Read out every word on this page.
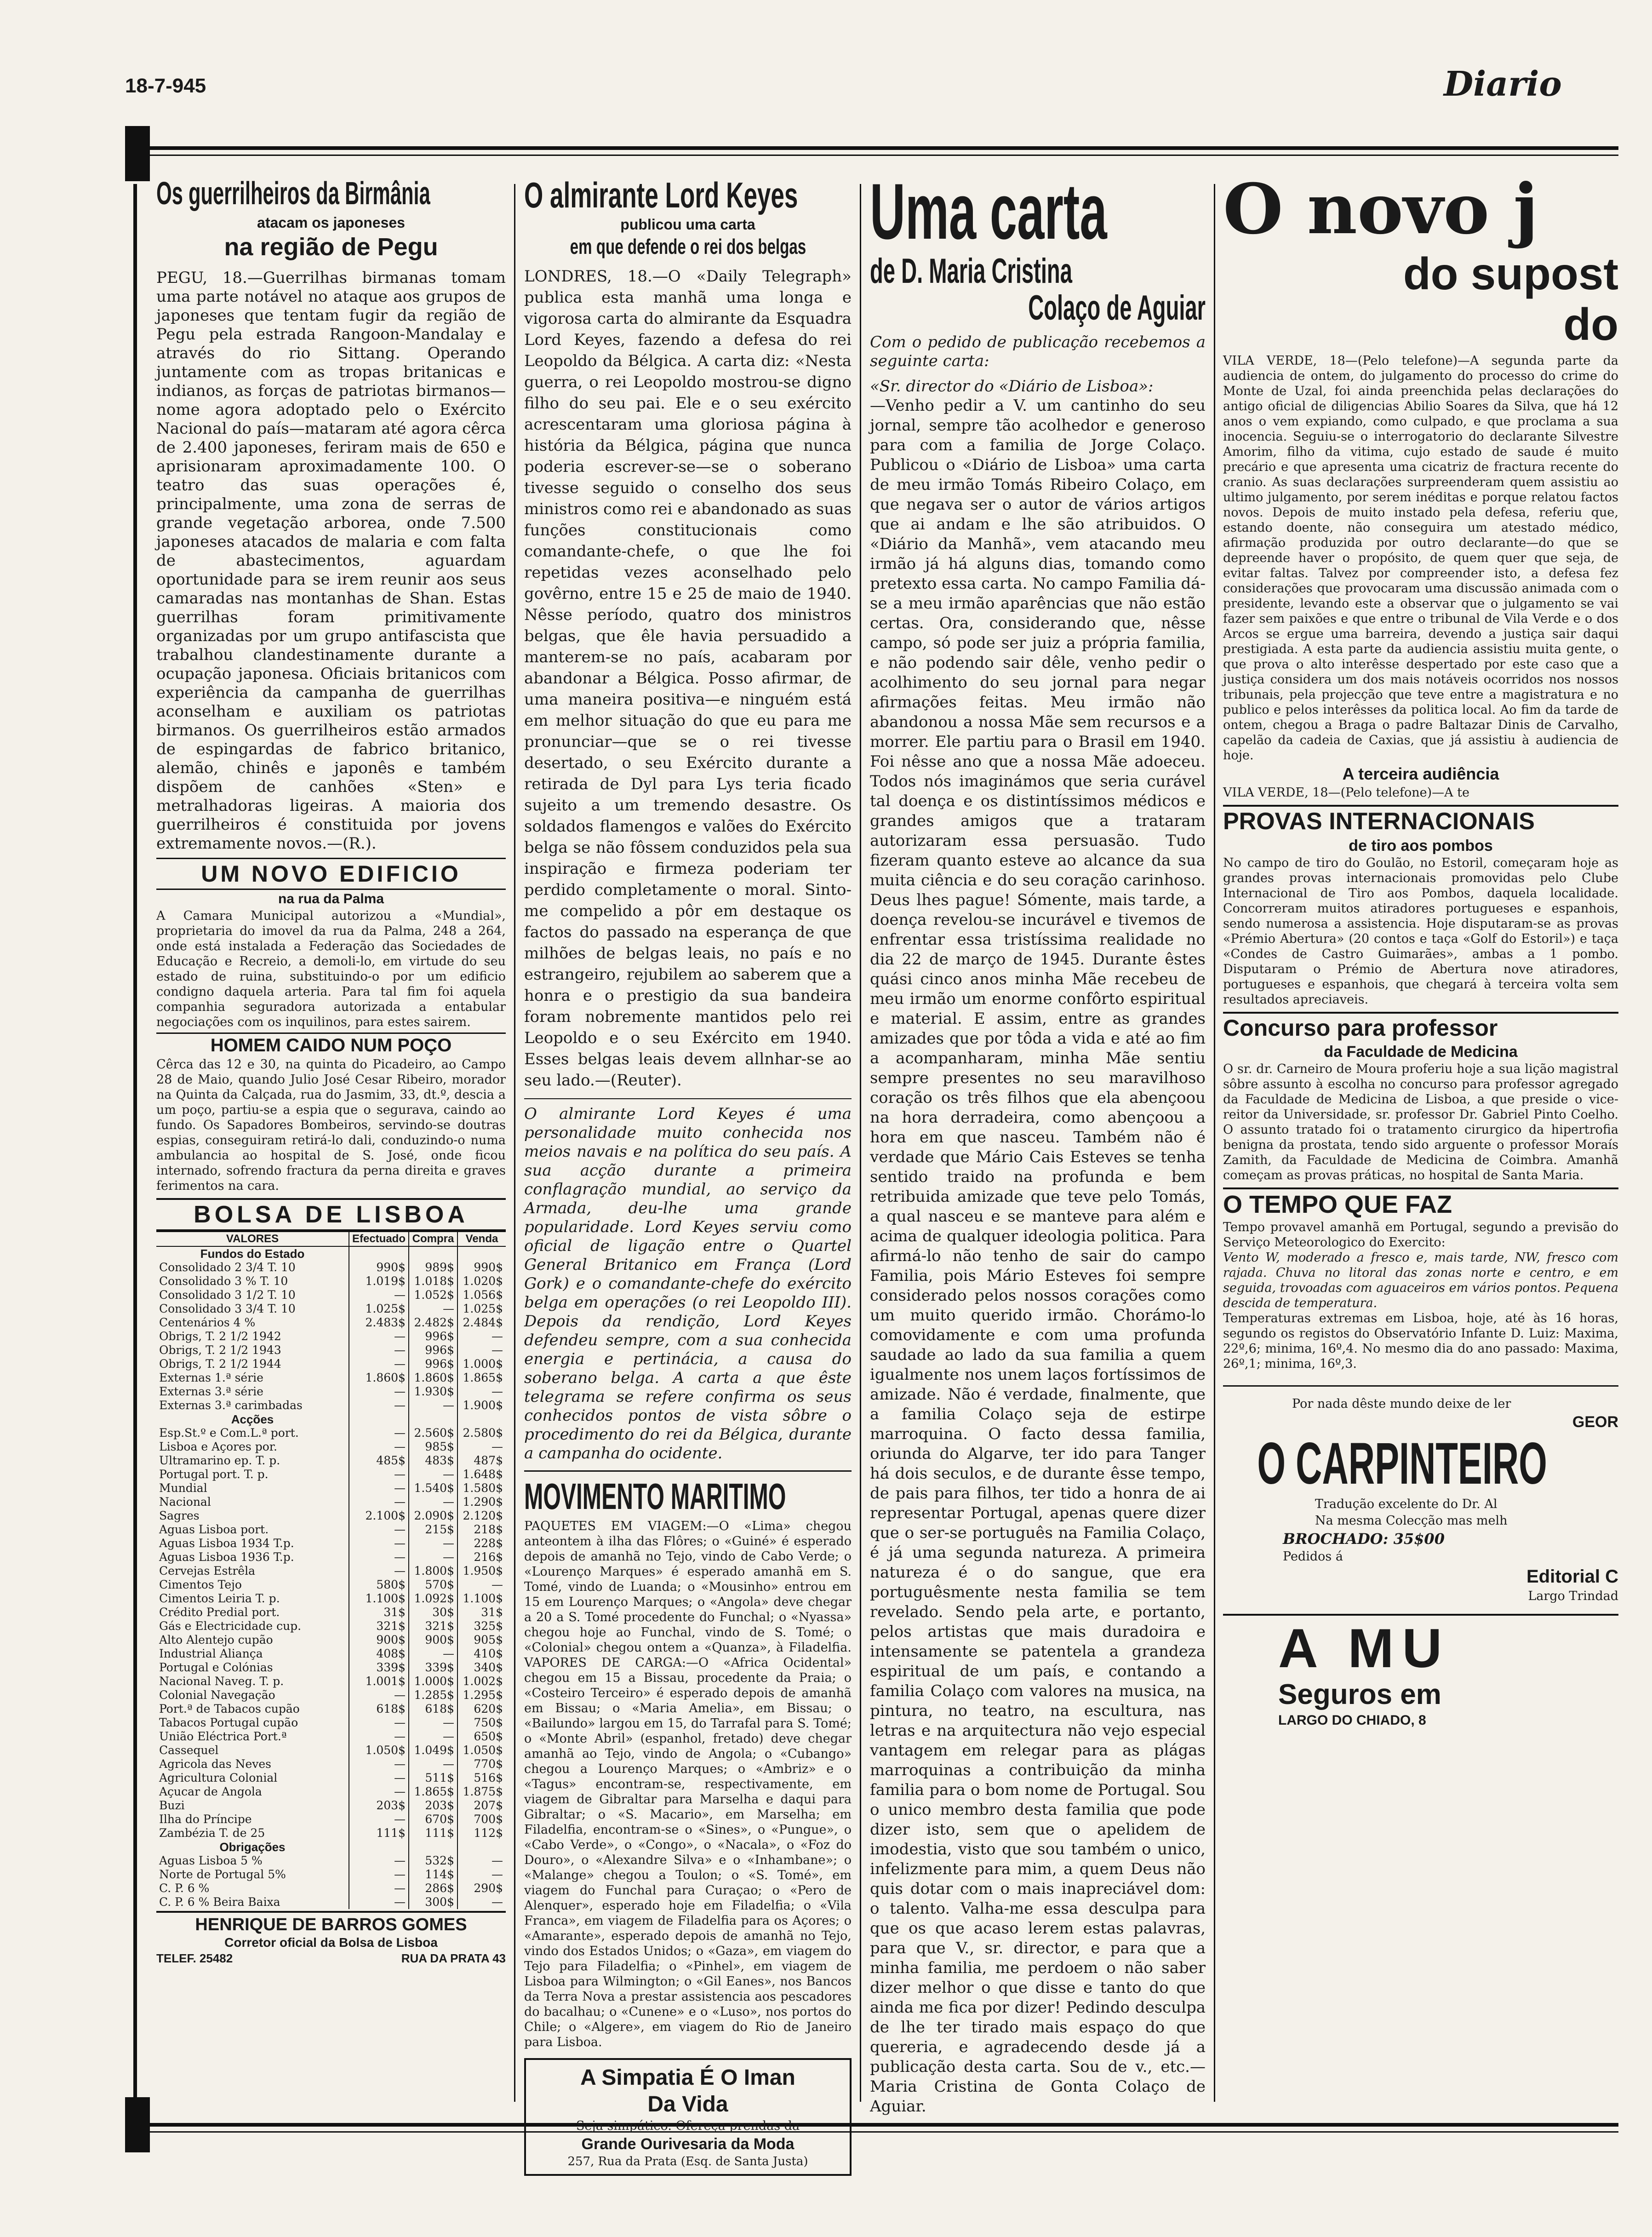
18-7-945	Diario
Os guerrilheiros da Birmânia
atacam os japoneses
na região de Pegu

PEGU, 18.—Guerrilhas birmanas tomam uma parte notável no ataque aos grupos de japoneses que tentam fugir da região de Pegu pela estrada Rangoon-Mandalay e através do rio Sittang. Operando juntamente com as tropas britanicas e indianos, as forças de patriotas birmanos—nome agora adoptado pelo o Exército Nacional do país—mataram até agora cêrca de 2.400 japoneses, feriram mais de 650 e aprisionaram aproximadamente 100. O teatro das suas operações é, principalmente, uma zona de serras de grande vegetação arborea, onde 7.500 japoneses atacados de malaria e com falta de abastecimentos, aguardam oportunidade para se irem reunir aos seus camaradas nas montanhas de Shan. Estas guerrilhas foram primitivamente organizadas por um grupo antifascista que trabalhou clandestinamente durante a ocupação japonesa. Oficiais britanicos com experiência da campanha de guerrilhas aconselham e auxiliam os patriotas birmanos. Os guerrilheiros estão armados de espingardas de fabrico britanico, alemão, chinês e japonês e também dispõem de canhões «Sten» e metralhadoras ligeiras. A maioria dos guerrilheiros é constituida por jovens extremamente novos.—(R.).

UM NOVO EDIFICIO
na rua da Palma

A Camara Municipal autorizou a «Mundial», proprietaria do imovel da rua da Palma, 248 a 264, onde está instalada a Federação das Sociedades de Educação e Recreio, a demoli-lo, em virtude do seu estado de ruina, substituindo-o por um edificio condigno daquela arteria. Para tal fim foi aquela companhia seguradora autorizada a entabular negociações com os inquilinos, para estes sairem.

HOMEM CAIDO NUM POÇO

Cêrca das 12 e 30, na quinta do Picadeiro, ao Campo 28 de Maio, quando Julio José Cesar Ribeiro, morador na Quinta da Calçada, rua do Jasmim, 33, dt.º, descia a um poço, partiu-se a espia que o segurava, caindo ao fundo. Os Sapadores Bombeiros, servindo-se doutras espias, conseguiram retirá-lo dali, conduzindo-o numa ambulancia ao hospital de S. José, onde ficou internado, sofrendo fractura da perna direita e graves ferimentos na cara.

BOLSA DE LISBOA
VALORES	Efectuado	Compra	Venda
Fundos do Estado			
Consolidado 2 3/4 T. 10	990$	989$	990$
Consolidado 3 % T. 10	1.019$	1.018$	1.020$
Consolidado 3 1/2 T. 10	—	1.052$	1.056$
Consolidado 3 3/4 T. 10	1.025$	—	1.025$
Centenários 4 %	2.483$	2.482$	2.484$
Obrigs, T. 2 1/2 1942	—	996$	—
Obrigs, T. 2 1/2 1943	—	996$	—
Obrigs, T. 2 1/2 1944	—	996$	1.000$
Externas 1.ª série	1.860$	1.860$	1.865$
Externas 3.ª série	—	1.930$	—
Externas 3.ª carimbadas	—	—	1.900$
Acções			
Esp.St.º e Com.L.ª port.	—	2.560$	2.580$
Lisboa e Açores por.	—	985$	—
Ultramarino ep. T. p.	485$	483$	487$
Portugal port. T. p.	—	—	1.648$
Mundial	—	1.540$	1.580$
Nacional	—	—	1.290$
Sagres	2.100$	2.090$	2.120$
Aguas Lisboa port.	—	215$	218$
Aguas Lisboa 1934 T.p.	—	—	228$
Aguas Lisboa 1936 T.p.	—	—	216$
Cervejas Estrêla	—	1.800$	1.950$
Cimentos Tejo	580$	570$	—
Cimentos Leiria T. p.	1.100$	1.092$	1.100$
Crédito Predial port.	31$	30$	31$
Gás e Electricidade cup.	321$	321$	325$
Alto Alentejo cupão	900$	900$	905$
Industrial Aliança	408$	—	410$
Portugal e Colónias	339$	339$	340$
Nacional Naveg. T. p.	1.001$	1.000$	1.002$
Colonial Navegação	—	1.285$	1.295$
Port.ª de Tabacos cupão	618$	618$	620$
Tabacos Portugal cupão	—	—	750$
União Eléctrica Port.ª	—	—	650$
Cassequel	1.050$	1.049$	1.050$
Agricola das Neves	—	—	770$
Agricultura Colonial	—	511$	516$
Açucar de Angola	—	1.865$	1.875$
Buzi	203$	203$	207$
Ilha do Príncipe	—	670$	700$
Zambézia T. de 25	111$	111$	112$
Obrigações			
Aguas Lisboa 5 %	—	532$	—
Norte de Portugal 5%	—	114$	—
C. P. 6 %	—	286$	290$
C. P. 6 % Beira Baixa	—	300$	—
HENRIQUE DE BARROS GOMES
Corretor oficial da Bolsa de Lisboa
TELEF. 25482	RUA DA PRATA 43
O almirante Lord Keyes
publicou uma carta
em que defende o rei dos belgas

LONDRES, 18.—O «Daily Telegraph» publica esta manhã uma longa e vigorosa carta do almirante da Esquadra Lord Keyes, fazendo a defesa do rei Leopoldo da Bélgica. A carta diz: «Nesta guerra, o rei Leopoldo mostrou-se digno filho do seu pai. Ele e o seu exército acrescentaram uma gloriosa página à história da Bélgica, página que nunca poderia escrever-se—se o soberano tivesse seguido o conselho dos seus ministros como rei e abandonado as suas funções constitucionais como comandante-chefe, o que lhe foi repetidas vezes aconselhado pelo govêrno, entre 15 e 25 de maio de 1940. Nêsse período, quatro dos ministros belgas, que êle havia persuadido a manterem-se no país, acabaram por abandonar a Bélgica. Posso afirmar, de uma maneira positiva—e ninguém está em melhor situação do que eu para me pronunciar—que se o rei tivesse desertado, o seu Exército durante a retirada de Dyl para Lys teria ficado sujeito a um tremendo desastre. Os soldados flamengos e valões do Exército belga se não fôssem conduzidos pela sua inspiração e firmeza poderiam ter perdido completamente o moral. Sinto-me compelido a pôr em destaque os factos do passado na esperança de que milhões de belgas leais, no país e no estrangeiro, rejubilem ao saberem que a honra e o prestigio da sua bandeira foram nobremente mantidos pelo rei Leopoldo e o seu Exército em 1940. Esses belgas leais devem allnhar-se ao seu lado.—(Reuter).

O almirante Lord Keyes é uma personalidade muito conhecida nos meios navais e na política do seu país. A sua acção durante a primeira conflagração mundial, ao serviço da Armada, deu-lhe uma grande popularidade. Lord Keyes serviu como oficial de ligação entre o Quartel General Britanico em França (Lord Gork) e o comandante-chefe do exército belga em operações (o rei Leopoldo III). Depois da rendição, Lord Keyes defendeu sempre, com a sua conhecida energia e pertinácia, a causa do soberano belga. A carta a que êste telegrama se refere confirma os seus conhecidos pontos de vista sôbre o procedimento do rei da Bélgica, durante a campanha do ocidente.

MOVIMENTO MARITIMO

PAQUETES EM VIAGEM:—O «Lima» chegou anteontem à ilha das Flôres; o «Guiné» é esperado depois de amanhã no Tejo, vindo de Cabo Verde; o «Lourenço Marques» é esperado amanhã em S. Tomé, vindo de Luanda; o «Mousinho» entrou em 15 em Lourenço Marques; o «Angola» deve chegar a 20 a S. Tomé procedente do Funchal; o «Nyassa» chegou hoje ao Funchal, vindo de S. Tomé; o «Colonial» chegou ontem a «Quanza», à Filadelfia. VAPORES DE CARGA:—O «Africa Ocidental» chegou em 15 a Bissau, procedente da Praia; o «Costeiro Terceiro» é esperado depois de amanhã em Bissau; o «Maria Amelia», em Bissau; o «Bailundo» largou em 15, do Tarrafal para S. Tomé; o «Monte Abril» (espanhol, fretado) deve chegar amanhã ao Tejo, vindo de Angola; o «Cubango» chegou a Lourenço Marques; o «Ambriz» e o «Tagus» encontram-se, respectivamente, em viagem de Gibraltar para Marselha e daqui para Gibraltar; o «S. Macario», em Marselha; em Filadelfia, encontram-se o «Sines», o «Pungue», o «Cabo Verde», o «Congo», o «Nacala», o «Foz do Douro», o «Alexandre Silva» e o «Inhambane»; o «Malange» chegou a Toulon; o «S. Tomé», em viagem do Funchal para Curaçao; o «Pero de Alenquer», esperado hoje em Filadelfia; o «Vila Franca», em viagem de Filadelfia para os Açores; o «Amarante», esperado depois de amanhã no Tejo, vindo dos Estados Unidos; o «Gaza», em viagem do Tejo para Filadelfia; o «Pinhel», em viagem de Lisboa para Wilmington; o «Gil Eanes», nos Bancos da Terra Nova a prestar assistencia aos pescadores do bacalhau; o «Cunene» e o «Luso», nos portos do Chile; o «Algere», em viagem do Rio de Janeiro para Lisboa.

A Simpatia É O Iman
Da Vida
Seja simpático. Ofereça prendas da
Grande Ourivesaria da Moda
257, Rua da Prata (Esq. de Santa Justa)
Uma carta
de D. Maria Cristina
Colaço de Aguiar

Com o pedido de publicação recebemos a seguinte carta:

«Sr. director do «Diário de Lisboa»:

—Venho pedir a V. um cantinho do seu jornal, sempre tão acolhedor e generoso para com a familia de Jorge Colaço. Publicou o «Diário de Lisboa» uma carta de meu irmão Tomás Ribeiro Colaço, em que negava ser o autor de vários artigos que ai andam e lhe são atribuidos. O «Diário da Manhã», vem atacando meu irmão já há alguns dias, tomando como pretexto essa carta. No campo Familia dá-se a meu irmão aparências que não estão certas. Ora, considerando que, nêsse campo, só pode ser juiz a própria familia, e não podendo sair dêle, venho pedir o acolhimento do seu jornal para negar afirmações feitas. Meu irmão não abandonou a nossa Mãe sem recursos e a morrer. Ele partiu para o Brasil em 1940. Foi nêsse ano que a nossa Mãe adoeceu. Todos nós imaginámos que seria curável tal doença e os distintíssimos médicos e grandes amigos que a trataram autorizaram essa persuasão. Tudo fizeram quanto esteve ao alcance da sua muita ciência e do seu coração carinhoso. Deus lhes pague! Sómente, mais tarde, a doença revelou-se incurável e tivemos de enfrentar essa tristíssima realidade no dia 22 de março de 1945. Durante êstes quási cinco anos minha Mãe recebeu de meu irmão um enorme confôrto espiritual e material. E assim, entre as grandes amizades que por tôda a vida e até ao fim a acompanharam, minha Mãe sentiu sempre presentes no seu maravilhoso coração os três filhos que ela abençoou na hora derradeira, como abençoou a hora em que nasceu. Também não é verdade que Mário Cais Esteves se tenha sentido traido na profunda e bem retribuida amizade que teve pelo Tomás, a qual nasceu e se manteve para além e acima de qualquer ideologia politica. Para afirmá-lo não tenho de sair do campo Familia, pois Mário Esteves foi sempre considerado pelos nossos corações como um muito querido irmão. Chorámo-lo comovidamente e com uma profunda saudade ao lado da sua familia a quem igualmente nos unem laços fortíssimos de amizade. Não é verdade, finalmente, que a familia Colaço seja de estirpe marroquina. O facto dessa familia, oriunda do Algarve, ter ido para Tanger há dois seculos, e de durante êsse tempo, de pais para filhos, ter tido a honra de ai representar Portugal, apenas quere dizer que o ser-se português na Familia Colaço, é já uma segunda natureza. A primeira natureza é o do sangue, que era portuguêsmente nesta familia se tem revelado. Sendo pela arte, e portanto, pelos artistas que mais duradoira e intensamente se patentela a grandeza espiritual de um país, e contando a familia Colaço com valores na musica, na pintura, no teatro, na escultura, nas letras e na arquitectura não vejo especial vantagem em relegar para as plágas marroquinas a contribuição da minha familia para o bom nome de Portugal. Sou o unico membro desta familia que pode dizer isto, sem que o apelidem de imodestia, visto que sou também o unico, infelizmente para mim, a quem Deus não quis dotar com o mais inapreciável dom: o talento. Valha-me essa desculpa para que os que acaso lerem estas palavras, para que V., sr. director, e para que a minha familia, me perdoem o não saber dizer melhor o que disse e tanto do que ainda me fica por dizer! Pedindo desculpa de lhe ter tirado mais espaço do que quereria, e agradecendo desde já a publicação desta carta. Sou de v., etc.—Maria Cristina de Gonta Colaço de Aguiar.

O novo j
do supost
do

VILA VERDE, 18—(Pelo telefone)—A segunda parte da audiencia de ontem, do julgamento do processo do crime do Monte de Uzal, foi ainda preenchida pelas declarações do antigo oficial de diligencias Abilio Soares da Silva, que há 12 anos o vem expiando, como culpado, e que proclama a sua inocencia. Seguiu-se o interrogatorio do declarante Silvestre Amorim, filho da vitima, cujo estado de saude é muito precário e que apresenta uma cicatriz de fractura recente do cranio. As suas declarações surpreenderam quem assistiu ao ultimo julgamento, por serem inéditas e porque relatou factos novos. Depois de muito instado pela defesa, referiu que, estando doente, não conseguira um atestado médico, afirmação produzida por outro declarante—do que se depreende haver o propósito, de quem quer que seja, de evitar faltas. Talvez por compreender isto, a defesa fez considerações que provocaram uma discussão animada com o presidente, levando este a observar que o julgamento se vai fazer sem paixões e que entre o tribunal de Vila Verde e o dos Arcos se ergue uma barreira, devendo a justiça sair daqui prestigiada. A esta parte da audiencia assistiu muita gente, o que prova o alto interêsse despertado por este caso que a justiça considera um dos mais notáveis ocorridos nos nossos tribunais, pela projecção que teve entre a magistratura e no publico e pelos interêsses da politica local. Ao fim da tarde de ontem, chegou a Braga o padre Baltazar Dinis de Carvalho, capelão da cadeia de Caxias, que já assistiu à audiencia de hoje.

A terceira audiência

VILA VERDE, 18—(Pelo telefone)—A te

PROVAS INTERNACIONAIS
de tiro aos pombos

No campo de tiro do Goulão, no Estoril, começaram hoje as grandes provas internacionais promovidas pelo Clube Internacional de Tiro aos Pombos, daquela localidade. Concorreram muitos atiradores portugueses e espanhois, sendo numerosa a assistencia. Hoje disputaram-se as provas «Prémio Abertura» (20 contos e taça «Golf do Estoril») e taça «Condes de Castro Guimarães», ambas a 1 pombo. Disputaram o Prémio de Abertura nove atiradores, portugueses e espanhois, que chegará à terceira volta sem resultados apreciaveis.

Concurso para professor
da Faculdade de Medicina

O sr. dr. Carneiro de Moura proferiu hoje a sua lição magistral sôbre assunto à escolha no concurso para professor agregado da Faculdade de Medicina de Lisboa, a que preside o vice-reitor da Universidade, sr. professor Dr. Gabriel Pinto Coelho. O assunto tratado foi o tratamento cirurgico da hipertrofia benigna da prostata, tendo sido arguente o professor Moraís Zamith, da Faculdade de Medicina de Coimbra. Amanhã começam as provas práticas, no hospital de Santa Maria.

O TEMPO QUE FAZ

Tempo provavel amanhã em Portugal, segundo a previsão do Serviço Meteorologico do Exercito:

Vento W, moderado a fresco e, mais tarde, NW, fresco com rajada. Chuva no litoral das zonas norte e centro, e em seguida, trovoadas com aguaceiros em vários pontos. Pequena descida de temperatura.

Temperaturas extremas em Lisboa, hoje, até às 16 horas, segundo os registos do Observatório Infante D. Luiz: Maxima, 22º,6; minima, 16º,4. No mesmo dia do ano passado: Maxima, 26º,1; minima, 16º,3.

Por nada dêste mundo deixe de ler
GEOR
O CARPINTEIRO
Tradução excelente do Dr. Al
Na mesma Colecção mas melh
BROCHADO: 35$00
Pedidos á
Editorial C
Largo Trindad
A MU
Seguros em
LARGO DO CHIADO, 8
